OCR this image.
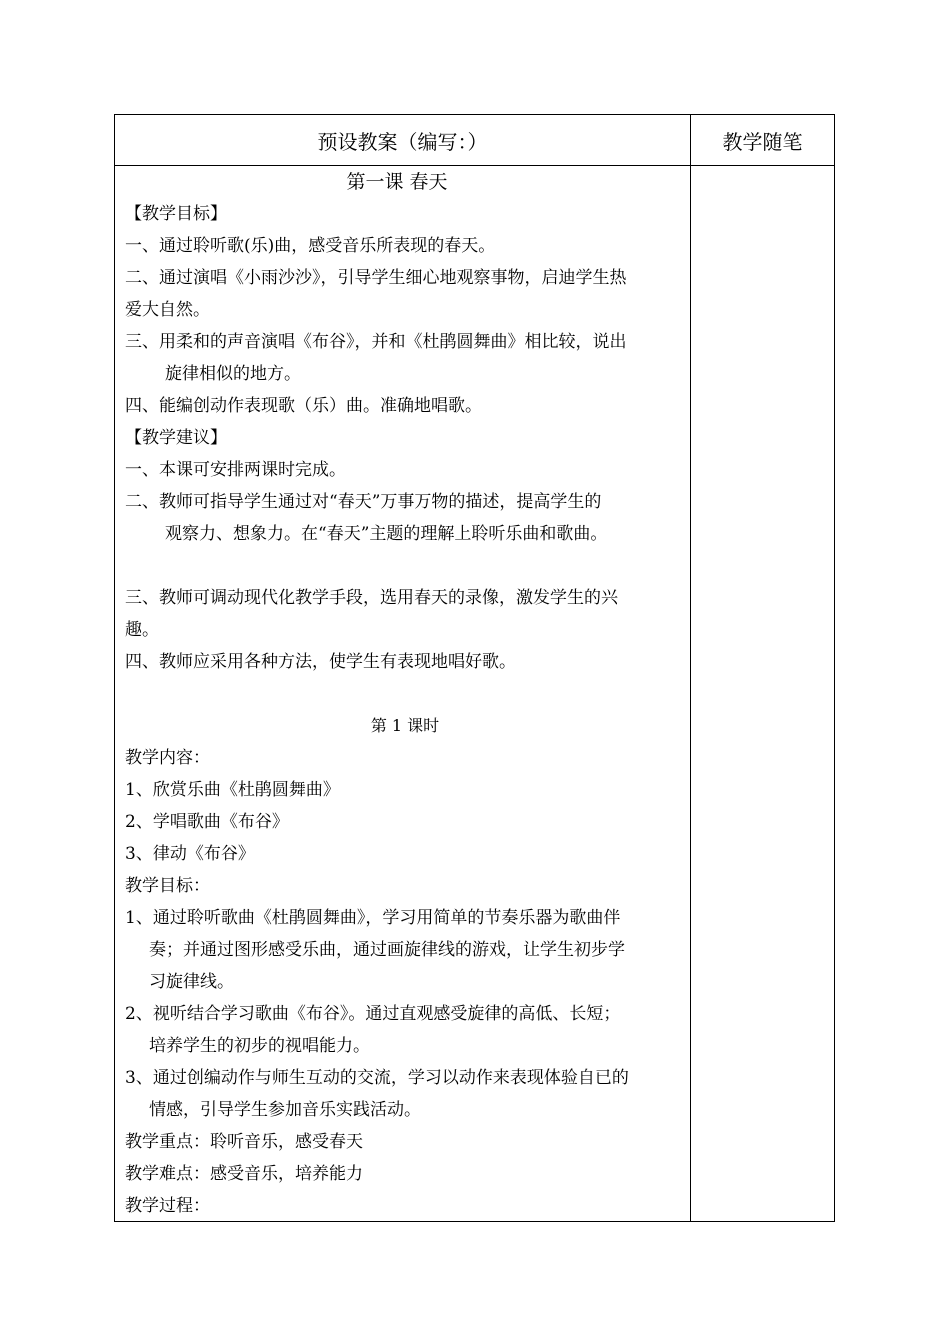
预设教案（编写：）	教学随笔
第一课 春天
【教学目标】
一、通过聆听歌(乐)曲，感受音乐所表现的春天。
二、通过演唱《小雨沙沙》，引导学生细心地观察事物，启迪学生热
爱大自然。
三、用柔和的声音演唱《布谷》，并和《杜鹃圆舞曲》相比较，说出
旋律相似的地方。
四、能编创动作表现歌（乐）曲。准确地唱歌。
【教学建议】
一、本课可安排两课时完成。
二、教师可指导学生通过对“春天”万事万物的描述，提高学生的
观察力、想象力。在“春天”主题的理解上聆听乐曲和歌曲。
三、教师可调动现代化教学手段，选用春天的录像，激发学生的兴
趣。
四、教师应采用各种方法，使学生有表现地唱好歌。
第 1 课时
教学内容：
1、欣赏乐曲《杜鹃圆舞曲》
2、学唱歌曲《布谷》
3、律动《布谷》
教学目标：
1、通过聆听歌曲《杜鹃圆舞曲》，学习用简单的节奏乐器为歌曲伴
奏；并通过图形感受乐曲，通过画旋律线的游戏，让学生初步学
习旋律线。
2、视听结合学习歌曲《布谷》。通过直观感受旋律的高低、长短；
培养学生的初步的视唱能力。
3、通过创编动作与师生互动的交流，学习以动作来表现体验自已的
情感，引导学生参加音乐实践活动。
教学重点：聆听音乐，感受春天
教学难点：感受音乐，培养能力
教学过程：
